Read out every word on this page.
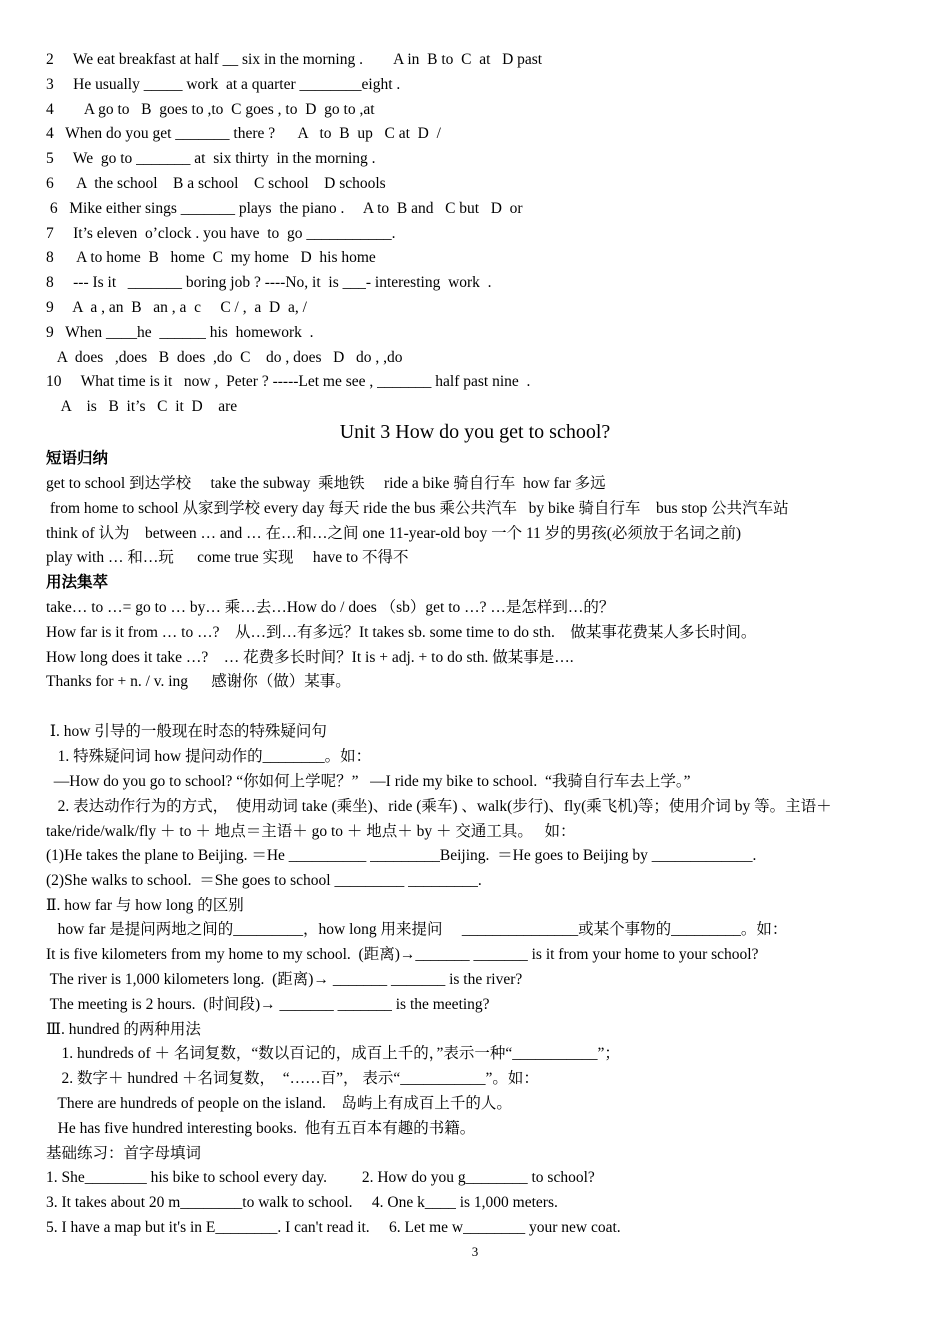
2     We eat breakfast at half __ six in the morning .        A in  B to  C  at   D past
3     He usually _____ work  at a quarter ________eight .
4        A go to   B  goes to ,to  C goes , to  D  go to ,at
4   When do you get _______ there ?      A   to  B  up   C at  D  /
5     We  go to _______ at  six thirty  in the morning .
6      A  the school    B a school    C school    D schools
6   Mike either sings _______ plays  the piano .     A to  B and   C but   D  or
7     It’s eleven  o’clock . you have  to  go ___________.
8      A to home  B   home  C  my home   D  his home
8     --- Is it   _______ boring job ? ----No, it  is ___- interesting  work  .
9     A  a , an  B   an , a  c     C / ,  a  D  a, /
9   When ____he  ______ his  homework  .
A  does   ,does   B  does  ,do  C    do , does   D   do , ,do
10     What time is it   now ,  Peter ? -----Let me see , _______ half past nine  .
A    is   B  it’s   C  it  D    are
Unit 3 How do you get to school?
短语归纳
get to school 到达学校     take the subway  乘地铁     ride a bike 骑自行车  how far 多远
from home to school 从家到学校 every day 每天 ride the bus 乘公共汽车   by bike 骑自行车    bus stop 公共汽车站
think of 认为    between … and … 在…和…之间 one 11-year-old boy 一个 11 岁的男孩(必须放于名词之前)
play with … 和…玩      come true 实现     have to 不得不
用法集萃
take… to …= go to … by… 乘…去…How do / does （sb）get to …? …是怎样到…的？
How far is it from … to …?    从…到…有多远？It takes sb. some time to do sth.    做某事花费某人多长时间。
How long does it take …?    … 花费多长时间？It is + adj. + to do sth. 做某事是….
Thanks for + n. / v. ing      感谢你（做）某事。
Ⅰ. how 引导的一般现在时态的特殊疑问句
1. 特殊疑问词 how 提问动作的________。如：
—How do you go to school? “你如何上学呢？”   —I ride my bike to school.  “我骑自行车去上学。”
2. 表达动作行为的方式，  使用动词 take (乘坐)、ride (乘车) 、walk(步行)、fly(乘飞机)等；使用介词 by 等。主语＋take/ride/walk/fly ＋ to ＋ 地点＝主语＋ go to ＋ 地点＋ by ＋ 交通工具。   如：
(1)He takes the plane to Beijing. ＝He __________ _________Beijing.  ＝He goes to Beijing by _____________.
(2)She walks to school.  ＝She goes to school _________ _________.
Ⅱ. how far 与 how long 的区别
how far 是提问两地之间的_________，how long 用来提问     _______________或某个事物的_________。如：
It is five kilometers from my home to my school.  (距离)→_______ _______ is it from your home to your school?
The river is 1,000 kilometers long.  (距离)→ _______ _______ is the river?
The meeting is 2 hours.  (时间段)→ _______ _______ is the meeting?
Ⅲ. hundred 的两种用法
1. hundreds of ＋ 名词复数，“数以百记的，成百上千的，”表示一种“___________”；
2. 数字＋ hundred ＋名词复数，  “……百”， 表示“___________”。如：
There are hundreds of people on the island.    岛屿上有成百上千的人。
He has five hundred interesting books.  他有五百本有趣的书籍。
基础练习：首字母填词
1. She________ his bike to school every day.         2. How do you g________ to school?
3. It takes about 20 m________to walk to school.     4. One k____ is 1,000 meters.
5. I have a map but it's in E________. I can't read it.     6. Let me w________ your new coat.
3
